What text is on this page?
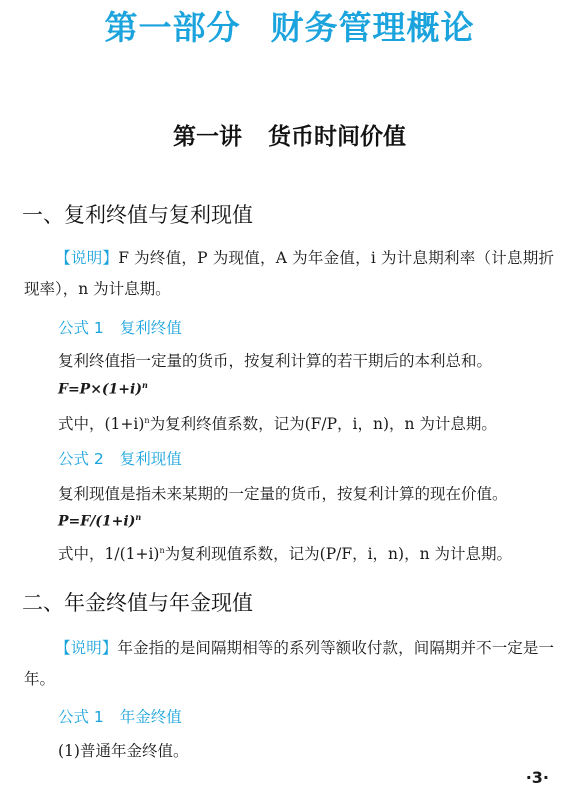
第一部分 财务管理概论
第一讲 货币时间价值
一、复利终值与复利现值
【说明】F 为终值，P 为现值，A 为年金值，i 为计息期利率（计息期折现率），n 为计息期。
公式 1 复利终值
复利终值指一定量的货币，按复利计算的若干期后的本利总和。
$F=P\times(1+i)^n$
式中，$(1+i)^n$为复利终值系数，记为(F/P，i，n)，n 为计息期。
公式 2 复利现值
复利现值是指未来某期的一定量的货币，按复利计算的现在价值。
$P=F/(1+i)^n$
式中，$1/(1+i)^n$为复利现值系数，记为(P/F，i，n)，n 为计息期。
二、年金终值与年金现值
【说明】年金指的是间隔期相等的系列等额收付款，间隔期并不一定是一年。
公式 1 年金终值
(1)普通年金终值。
·3·
